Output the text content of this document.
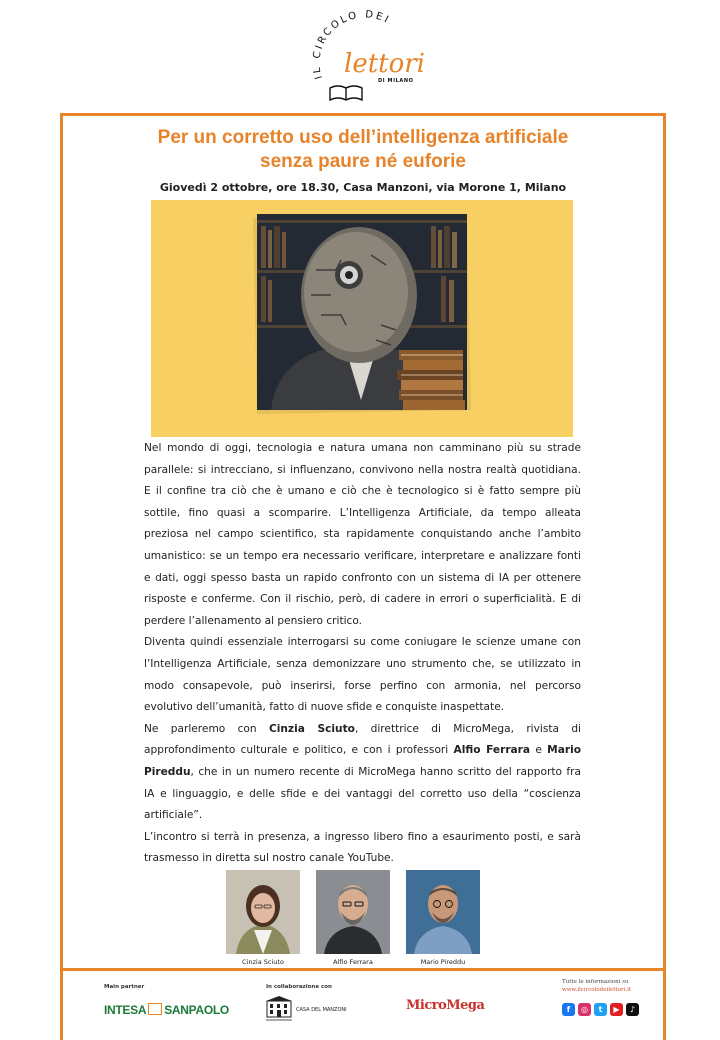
IL CIRCOLO DEI
lettori
DI MILANO
Per un corretto uso dell’intelligenza artificiale
senza paure né euforie
Giovedì 2 ottobre, ore 18.30, Casa Manzoni, via Morone 1, Milano

Nel mondo di oggi, tecnologia e natura umana non camminano più su strade parallele: si intrecciano, si influenzano, convivono nella nostra realtà quotidiana. E il confine tra ciò che è umano e ciò che è tecnologico si è fatto sempre più sottile, fino quasi a scomparire. L’Intelligenza Artificiale, da tempo alleata preziosa nel campo scientifico, sta rapidamente conquistando anche l’ambito umanistico: se un tempo era necessario verificare, interpretare e analizzare fonti e dati, oggi spesso basta un rapido confronto con un sistema di IA per ottenere risposte e conferme. Con il rischio, però, di cadere in errori o superficialità. E di perdere l’allenamento al pensiero critico.

Diventa quindi essenziale interrogarsi su come coniugare le scienze umane con l’Intelligenza Artificiale, senza demonizzare uno strumento che, se utilizzato in modo consapevole, può inserirsi, forse perfino con armonia, nel percorso evolutivo dell’umanità, fatto di nuove sfide e conquiste inaspettate.

Ne parleremo con Cinzia Sciuto, direttrice di MicroMega, rivista di approfondimento culturale e politico, e con i professori Alfio Ferrara e Mario Pireddu, che in un numero recente di MicroMega hanno scritto del rapporto fra IA e linguaggio, e delle sfide e dei vantaggi del corretto uso della “coscienza artificiale”.

L’incontro si terrà in presenza, a ingresso libero fino a esaurimento posti, e sarà trasmesso in diretta sul nostro canale YouTube.

Cinzia Sciuto	Alfio Ferrara	Mario Pireddu
Main partner
INTESA SANPAOLO
In collaborazione con
CASA DEL MANZONI	MicroMega
Tutte le informazioni su
www.ilcircolodeilettori.it
f	◎	t	▶	♪
